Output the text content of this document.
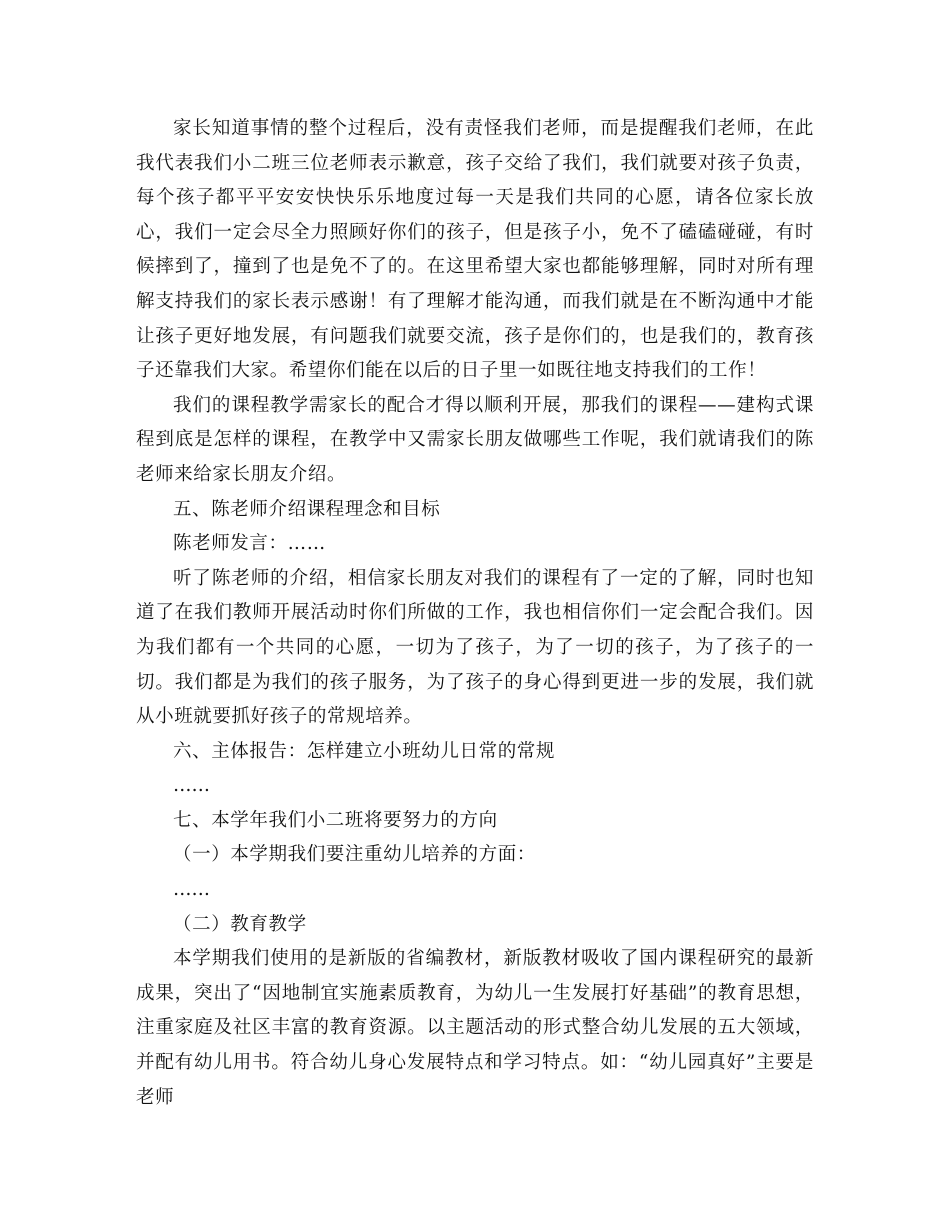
家长知道事情的整个过程后，没有责怪我们老师，而是提醒我们老师，在此我代表我们小二班三位老师表示歉意，孩子交给了我们，我们就要对孩子负责，每个孩子都平平安安快快乐乐地度过每一天是我们共同的心愿，请各位家长放心，我们一定会尽全力照顾好你们的孩子，但是孩子小，免不了磕磕碰碰，有时候摔到了，撞到了也是免不了的。在这里希望大家也都能够理解，同时对所有理解支持我们的家长表示感谢！有了理解才能沟通，而我们就是在不断沟通中才能让孩子更好地发展，有问题我们就要交流，孩子是你们的，也是我们的，教育孩子还靠我们大家。希望你们能在以后的日子里一如既往地支持我们的工作！

我们的课程教学需家长的配合才得以顺利开展，那我们的课程——建构式课程到底是怎样的课程，在教学中又需家长朋友做哪些工作呢，我们就请我们的陈老师来给家长朋友介绍。

五、陈老师介绍课程理念和目标

陈老师发言：……

听了陈老师的介绍，相信家长朋友对我们的课程有了一定的了解，同时也知道了在我们教师开展活动时你们所做的工作，我也相信你们一定会配合我们。因为我们都有一个共同的心愿，一切为了孩子，为了一切的孩子，为了孩子的一切。我们都是为我们的孩子服务，为了孩子的身心得到更进一步的发展，我们就从小班就要抓好孩子的常规培养。

六、主体报告：怎样建立小班幼儿日常的常规

……

七、本学年我们小二班将要努力的方向

（一）本学期我们要注重幼儿培养的方面：

……

（二）教育教学

本学期我们使用的是新版的省编教材，新版教材吸收了国内课程研究的最新成果，突出了“因地制宜实施素质教育，为幼儿一生发展打好基础”的教育思想，注重家庭及社区丰富的教育资源。以主题活动的形式整合幼儿发展的五大领域，并配有幼儿用书。符合幼儿身心发展特点和学习特点。如：“幼儿园真好”主要是老师
